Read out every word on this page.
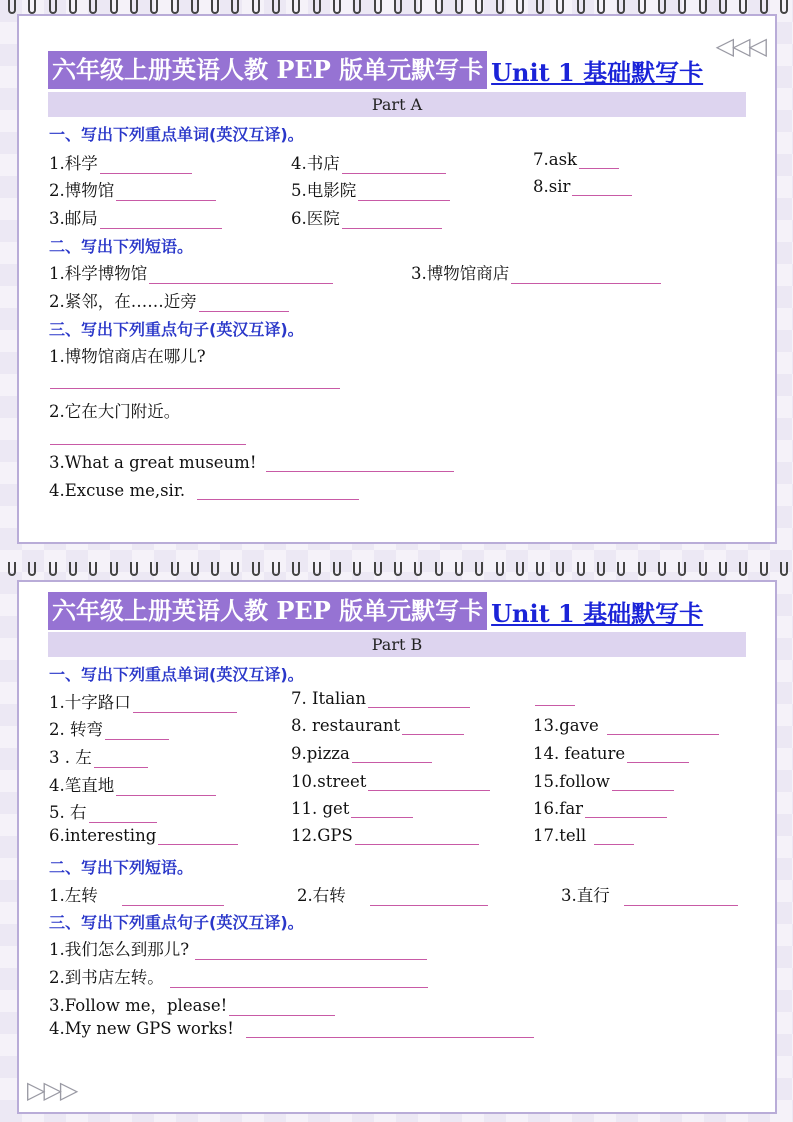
◁◁◁
六年级上册英语人教 PEP 版单元默写卡 Unit 1 基础默写卡
Part A
一、写出下列重点单词(英汉互译)。
1.科学	4.书店	7.ask
2.博物馆	5.电影院	8.sir
3.邮局	6.医院
二、写出下列短语。
1.科学博物馆	3.博物馆商店
2.紧邻，在……近旁
三、写出下列重点句子(英汉互译)。
1.博物馆商店在哪儿?
2.它在大门附近。
3.What a great museum!
4.Excuse me,sir.
六年级上册英语人教 PEP 版单元默写卡 Unit 1 基础默写卡
Part B
一、写出下列重点单词(英汉互译)。
1.十字路口	7. Italian
2. 转弯	8. restaurant	13.gave
3 . 左	9.pizza	14. feature
4.笔直地	10.street	15.follow
5. 右	11. get	16.far
6.interesting	12.GPS	17.tell
二、写出下列短语。
1.左转	2.右转	3.直行
三、写出下列重点句子(英汉互译)。
1.我们怎么到那儿?
2.到书店左转。
3.Follow me，please!
4.My new GPS works!
▷▷▷
